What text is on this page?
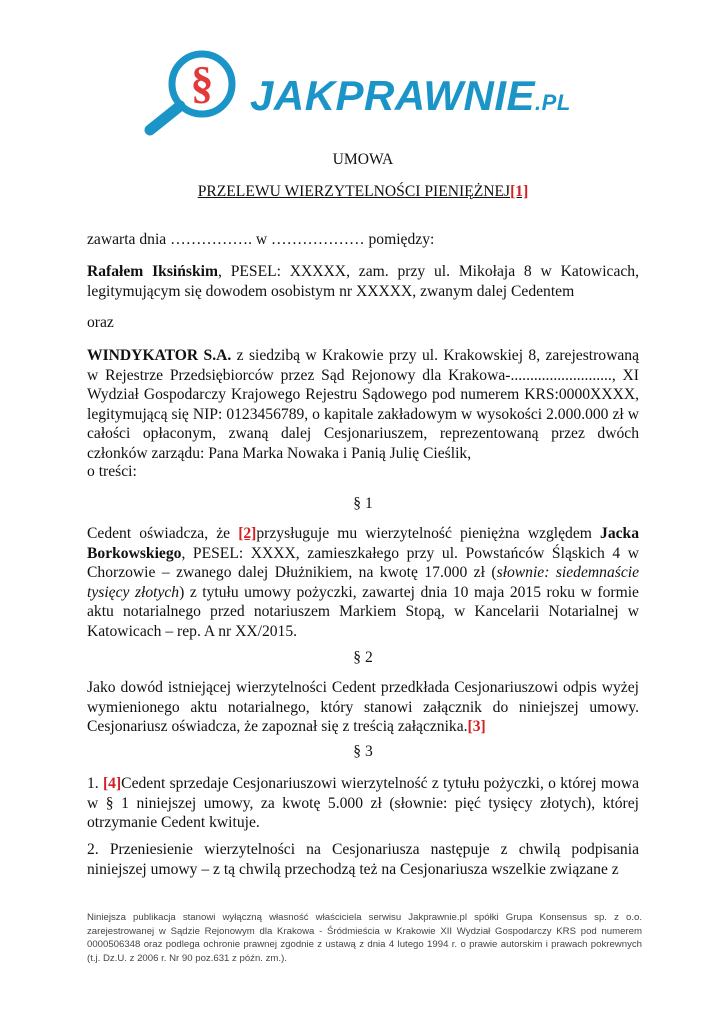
§ JAKPRAWNIE.PL
UMOWA
PRZELEWU WIERZYTELNOŚCI PIENIĘŻNEJ[1]

zawarta dnia ……………. w ……………… pomiędzy:

Rafałem Iksińskim, PESEL: XXXXX, zam. przy ul. Mikołaja 8 w Katowicach, legitymującym się dowodem osobistym nr XXXXX, zwanym dalej Cedentem

oraz

WINDYKATOR S.A. z siedzibą w Krakowie przy ul. Krakowskiej 8, zarejestrowaną w Rejestrze Przedsiębiorców przez Sąd Rejonowy dla Krakowa-.........................., XI Wydział Gospodarczy Krajowego Rejestru Sądowego pod numerem KRS:0000XXXX, legitymującą się NIP: 0123456789, o kapitale zakładowym w wysokości 2.000.000 zł w całości opłaconym, zwaną dalej Cesjonariuszem, reprezentowaną przez dwóch członków zarządu: Pana Marka Nowaka i Panią Julię Cieślik,

o treści:

§ 1

Cedent oświadcza, że [2]przysługuje mu wierzytelność pieniężna względem Jacka Borkowskiego, PESEL: XXXX, zamieszkałego przy ul. Powstańców Śląskich 4 w Chorzowie – zwanego dalej Dłużnikiem, na kwotę 17.000 zł (słownie: siedemnaście tysięcy złotych) z tytułu umowy pożyczki, zawartej dnia 10 maja 2015 roku w formie aktu notarialnego przed notariuszem Markiem Stopą, w Kancelarii Notarialnej w Katowicach – rep. A nr XX/2015.

§ 2

Jako dowód istniejącej wierzytelności Cedent przedkłada Cesjonariuszowi odpis wyżej wymienionego aktu notarialnego, który stanowi załącznik do niniejszej umowy. Cesjonariusz oświadcza, że zapoznał się z treścią załącznika.[3]

§ 3

1. [4]Cedent sprzedaje Cesjonariuszowi wierzytelność z tytułu pożyczki, o której mowa w § 1 niniejszej umowy, za kwotę 5.000 zł (słownie: pięć tysięcy złotych), której otrzymanie Cedent kwituje.

2. Przeniesienie wierzytelności na Cesjonariusza następuje z chwilą podpisania niniejszej umowy – z tą chwilą przechodzą też na Cesjonariusza wszelkie związane z

Niniejsza publikacja stanowi wyłączną własność właściciela serwisu Jakprawnie.pl spółki Grupa Konsensus sp. z o.o. zarejestrowanej w Sądzie Rejonowym dla Krakowa - Śródmieścia w Krakowie XII Wydział Gospodarczy KRS pod numerem 0000506348 oraz podlega ochronie prawnej zgodnie z ustawą z dnia 4 lutego 1994 r. o prawie autorskim i prawach pokrewnych (t.j. Dz.U. z 2006 r. Nr 90 poz.631 z późn. zm.).
